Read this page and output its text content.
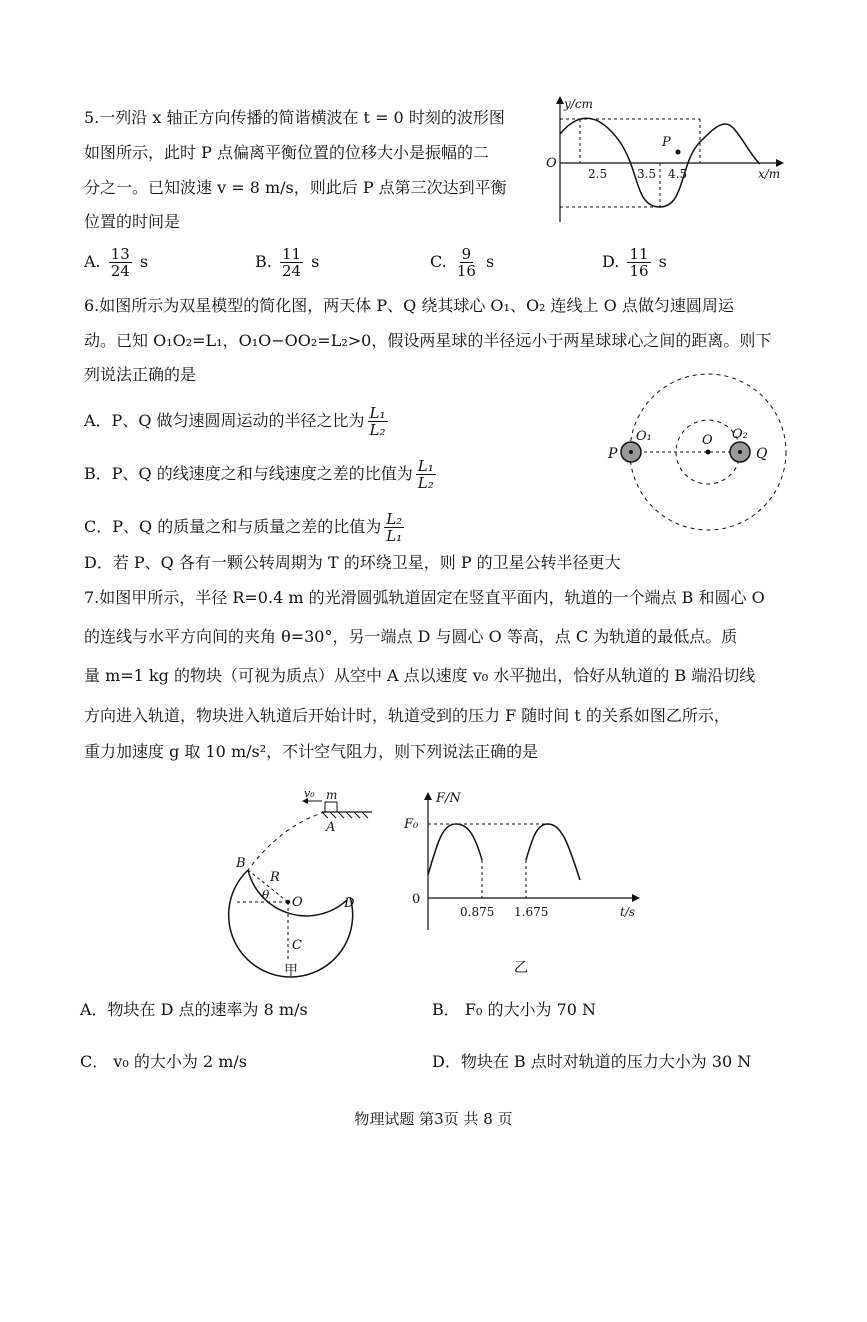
5.一列沿 x 轴正方向传播的简谐横波在 t = 0 时刻的波形图
如图所示，此时 P 点偏离平衡位置的位移大小是振幅的二
分之一。已知波速 v = 8 m/s，则此后 P 点第三次达到平衡
位置的时间是
A. $\frac{13}{24}$ s	B. $\frac{11}{24}$ s	C. $\frac{9}{16}$ s	D. $\frac{11}{16}$ s
y/cm
x/m
O
P
2.5 3.5 4.5
6.如图所示为双星模型的简化图，两天体 P、Q 绕其球心 O₁、O₂ 连线上 O 点做匀速圆周运
动。已知 O₁O₂=L₁，O₁O−OO₂=L₂>0，假设两星球的半径远小于两星球球心之间的距离。则下
列说法正确的是
A．P、Q 做匀速圆周运动的半径之比为 $\frac{\text{L₁}}{\text{L₂}}$
B．P、Q 的线速度之和与线速度之差的比值为 $\frac{\text{L₁}}{\text{L₂}}$
C．P、Q 的质量之和与质量之差的比值为 $\frac{\text{L₂}}{\text{L₁}}$
D．若 P、Q 各有一颗公转周期为 T 的环绕卫星，则 P 的卫星公转半径更大
P	Q
O
O₁	O₂
7.如图甲所示，半径 R=0.4 m 的光滑圆弧轨道固定在竖直平面内，轨道的一个端点 B 和圆心 O
的连线与水平方向间的夹角 θ=30°，另一端点 D 与圆心 O 等高，点 C 为轨道的最低点。质
量 m=1 kg 的物块（可视为质点）从空中 A 点以速度 v₀ 水平抛出，恰好从轨道的 B 端沿切线
方向进入轨道，物块进入轨道后开始计时，轨道受到的压力 F 随时间 t 的关系如图乙所示，
重力加速度 g 取 10 m/s²，不计空气阻力，则下列说法正确的是
m
v₀
A
B
R
θ O	D
C
甲
F/N
F₀
0
0.875 1.675	t/s
乙
A．物块在 D 点的速率为 8 m/s	B． F₀ 的大小为 70 N
C． v₀ 的大小为 2 m/s	D．物块在 B 点时对轨道的压力大小为 30 N
物理试题 第3页 共 8 页
